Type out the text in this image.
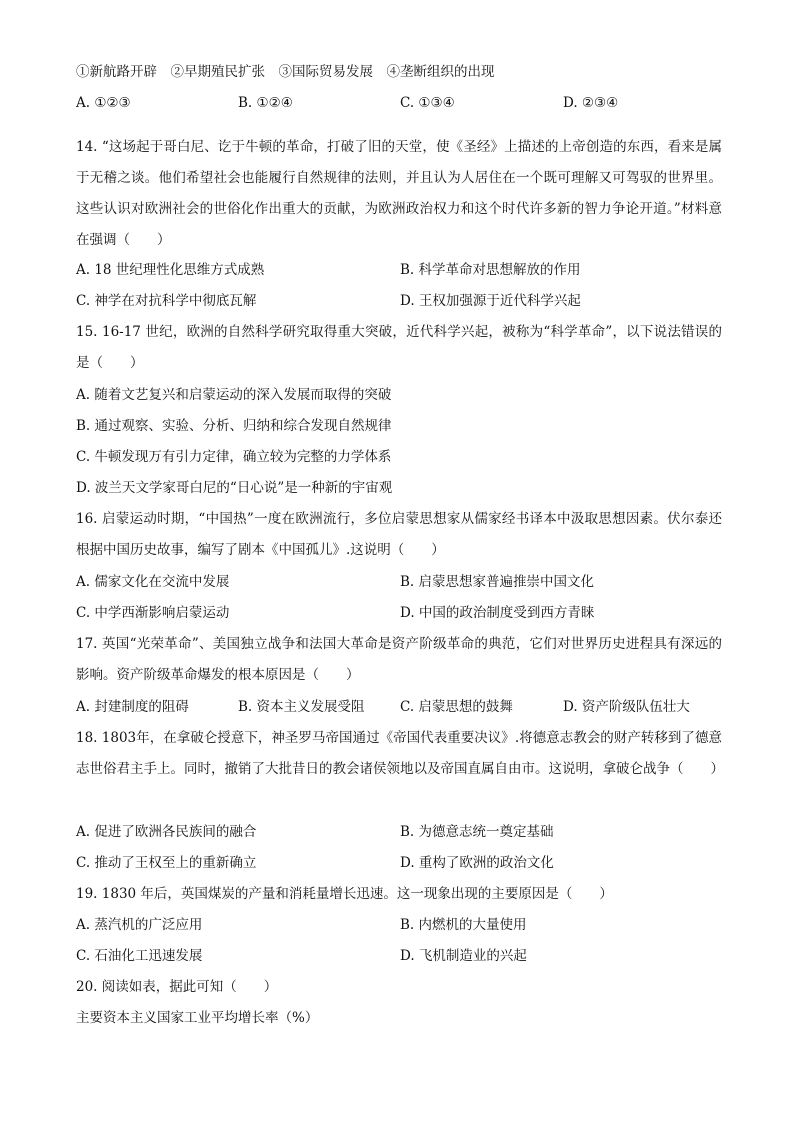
①新航路开辟　②早期殖民扩张　③国际贸易发展　④垄断组织的出现
A. ①②③	B. ①②④	C. ①③④	D. ②③④
14. “这场起于哥白尼、讫于牛顿的革命，打破了旧的天堂，使《圣经》上描述的上帝创造的东西，看来是属于无稽之谈。他们希望社会也能履行自然规律的法则，并且认为人居住在一个既可理解又可驾驭的世界里。这些认识对欧洲社会的世俗化作出重大的贡献，为欧洲政治权力和这个时代许多新的智力争论开道。”材料意在强调（　　）
A. 18 世纪理性化思维方式成熟	B. 科学革命对思想解放的作用
C. 神学在对抗科学中彻底瓦解	D. 王权加强源于近代科学兴起
15. 16-17 世纪，欧洲的自然科学研究取得重大突破，近代科学兴起，被称为“科学革命”，以下说法错误的是（　　）
A. 随着文艺复兴和启蒙运动的深入发展而取得的突破
B. 通过观察、实验、分析、归纳和综合发现自然规律
C. 牛顿发现万有引力定律，确立较为完整的力学体系
D. 波兰天文学家哥白尼的“日心说”是一种新的宇宙观
16. 启蒙运动时期，“中国热”一度在欧洲流行，多位启蒙思想家从儒家经书译本中汲取思想因素。伏尔泰还根据中国历史故事，编写了剧本《中国孤儿》.这说明（　　）
A. 儒家文化在交流中发展	B. 启蒙思想家普遍推崇中国文化
C. 中学西渐影响启蒙运动	D. 中国的政治制度受到西方青睐
17. 英国“光荣革命”、美国独立战争和法国大革命是资产阶级革命的典范，它们对世界历史进程具有深远的影响。资产阶级革命爆发的根本原因是（　　）
A. 封建制度的阻碍	B. 资本主义发展受阻	C. 启蒙思想的鼓舞	D. 资产阶级队伍壮大
18. 1803年，在拿破仑授意下，神圣罗马帝国通过《帝国代表重要决议》.将德意志教会的财产转移到了德意志世俗君主手上。同时，撤销了大批昔日的教会诸侯领地以及帝国直属自由市。这说明，拿破仑战争（　　）
A. 促进了欧洲各民族间的融合	B. 为德意志统一奠定基础
C. 推动了王权至上的重新确立	D. 重构了欧洲的政治文化
19. 1830 年后，英国煤炭的产量和消耗量增长迅速。这一现象出现的主要原因是（　　）
A. 蒸汽机的广泛应用	B. 内燃机的大量使用
C. 石油化工迅速发展	D. 飞机制造业的兴起
20. 阅读如表，据此可知（　　）
主要资本主义国家工业平均增长率（%）
